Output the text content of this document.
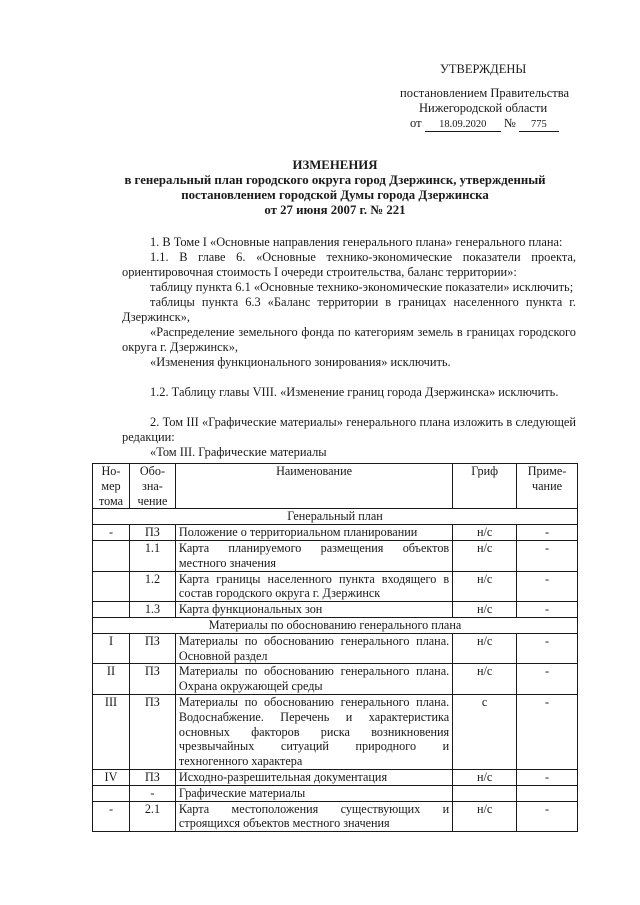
УТВЕРЖДЕНЫ
постановлением Правительства
Нижегородской области
от 18.09.2020 № 775
ИЗМЕНЕНИЯ
в генеральный план городского округа город Дзержинск, утвержденный
постановлением городской Думы города Дзержинска
от 27 июня 2007 г. № 221

1. В Томе I «Основные направления генерального плана» генерального плана:

1.1. В главе 6. «Основные технико-экономические показатели проекта, ориентировочная стоимость I очереди строительства, баланс территории»:

таблицу пункта 6.1 «Основные технико-экономические показатели» исключить;

таблицы пункта 6.3 «Баланс территории в границах населенного пункта г. Дзержинск»,

«Распределение земельного фонда по категориям земель в границах городского округа г. Дзержинск»,

«Изменения функционального зонирования» исключить.

1.2. Таблицу главы VIII. «Изменение границ города Дзержинска» исключить.

2. Том III «Графические материалы» генерального плана изложить в следующей редакции:

«Том III. Графические материалы

Но-
мер
тома	Обо-
зна-
чение	Наименование	Гриф	Приме-
чание
Генеральный план				
-	ПЗ	Положение о территориальном планировании	н/с	-
	1.1	Карта планируемого размещения объектов местного значения	н/с	-
	1.2	Карта границы населенного пункта входящего в состав городского округа г. Дзержинск	н/с	-
	1.3	Карта функциональных зон	н/с	-
Материалы по обоснованию генерального плана				
I	ПЗ	Материалы по обоснованию генерального плана. Основной раздел	н/с	-
II	ПЗ	Материалы по обоснованию генерального плана. Охрана окружающей среды	н/с	-
III	ПЗ	Материалы по обоснованию генерального плана. Водоснабжение. Перечень и характеристика основных факторов риска возникновения чрезвычайных ситуаций природного и техногенного характера	с	-
IV	ПЗ	Исходно-разрешительная документация	н/с	-
	-	Графические материалы		
-	2.1	Карта местоположения существующих и строящихся объектов местного значения	н/с	-
